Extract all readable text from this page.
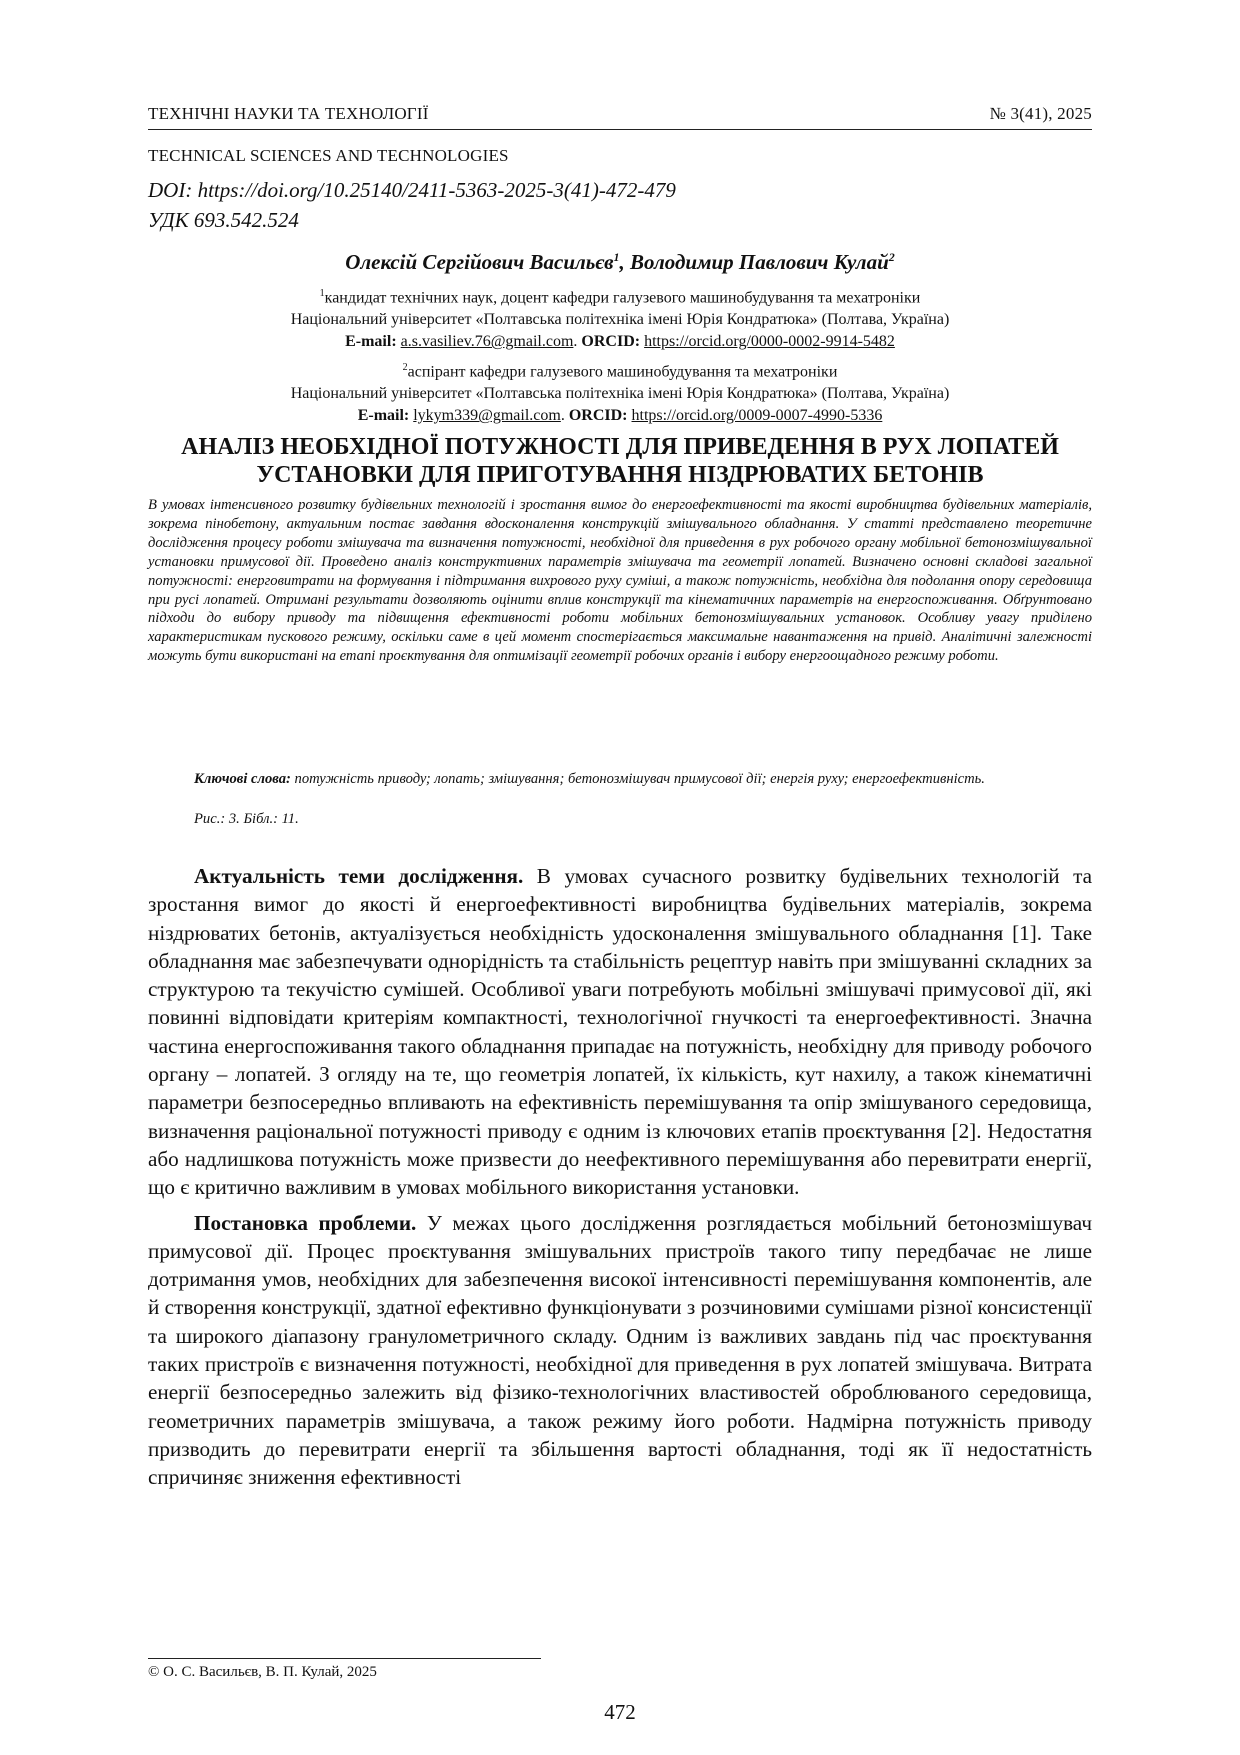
ТЕХНІЧНІ НАУКИ ТА ТЕХНОЛОГІЇ	№ 3(41), 2025
TECHNICAL SCIENCES AND TECHNOLOGIES
DOI: https://doi.org/10.25140/2411-5363-2025-3(41)-472-479
УДК 693.542.524
Олексій Сергійович Васильєв$^1$, Володимир Павлович Кулай$^2$
$^1$кандидат технічних наук, доцент кафедри галузевого машинобудування та мехатроніки
Національний університет «Полтавська політехніка імені Юрія Кондратюка» (Полтава, Україна)
E-mail: a.s.vasiliev.76@gmail.com. ORCID: https://orcid.org/0000-0002-9914-5482
$^2$аспірант кафедри галузевого машинобудування та мехатроніки
Національний університет «Полтавська політехніка імені Юрія Кондратюка» (Полтава, Україна)
E-mail: lykym339@gmail.com. ORCID: https://orcid.org/0009-0007-4990-5336
АНАЛІЗ НЕОБХІДНОЇ ПОТУЖНОСТІ ДЛЯ ПРИВЕДЕННЯ В РУХ ЛОПАТЕЙ
УСТАНОВКИ ДЛЯ ПРИГОТУВАННЯ НІЗДРЮВАТИХ БЕТОНІВ
В умовах інтенсивного розвитку будівельних технологій і зростання вимог до енергоефективності та якості виробництва будівельних матеріалів, зокрема пінобетону, актуальним постає завдання вдосконалення конструкцій змішувального обладнання. У статті представлено теоретичне дослідження процесу роботи змішувача та визначення потужності, необхідної для приведення в рух робочого органу мобільної бетонозмішувальної установки примусової дії. Проведено аналіз конструктивних параметрів змішувача та геометрії лопатей. Визначено основні складові загальної потужності: енерговитрати на формування і підтримання вихрового руху суміші, а також потужність, необхідна для подолання опору середовища при русі лопатей. Отримані результати дозволяють оцінити вплив конструкції та кінематичних параметрів на енергоспоживання. Обґрунтовано підходи до вибору приводу та підвищення ефективності роботи мобільних бетонозмішувальних установок. Особливу увагу приділено характеристикам пускового режиму, оскільки саме в цей момент спостерігається максимальне навантаження на привід. Аналітичні залежності можуть бути використані на етапі проєктування для оптимізації геометрії робочих органів і вибору енергоощадного режиму роботи.
Ключові слова: потужність приводу; лопать; змішування; бетонозмішувач примусової дії; енергія руху; енергоефективність.
Рис.: 3. Бібл.: 11.

Актуальність теми дослідження. В умовах сучасного розвитку будівельних технологій та зростання вимог до якості й енергоефективності виробництва будівельних матеріалів, зокрема ніздрюватих бетонів, актуалізується необхідність удосконалення змішувального обладнання [1]. Таке обладнання має забезпечувати однорідність та стабільність рецептур навіть при змішуванні складних за структурою та текучістю сумішей. Особливої уваги потребують мобільні змішувачі примусової дії, які повинні відповідати критеріям компактності, технологічної гнучкості та енергоефективності. Значна частина енергоспоживання такого обладнання припадає на потужність, необхідну для приводу робочого органу – лопатей. З огляду на те, що геометрія лопатей, їх кількість, кут нахилу, а також кінематичні параметри безпосередньо впливають на ефективність перемішування та опір змішуваного середовища, визначення раціональної потужності приводу є одним із ключових етапів проєктування [2]. Недостатня або надлишкова потужність може призвести до неефективного перемішування або перевитрати енергії, що є критично важливим в умовах мобільного використання установки.

Постановка проблеми. У межах цього дослідження розглядається мобільний бетонозмішувач примусової дії. Процес проєктування змішувальних пристроїв такого типу передбачає не лише дотримання умов, необхідних для забезпечення високої інтенсивності перемішування компонентів, але й створення конструкції, здатної ефективно функціонувати з розчиновими сумішами різної консистенції та широкого діапазону гранулометричного складу. Одним із важливих завдань під час проєктування таких пристроїв є визначення потужності, необхідної для приведення в рух лопатей змішувача. Витрата енергії безпосередньо залежить від фізико-технологічних властивостей оброблюваного середовища, геометричних параметрів змішувача, а також режиму його роботи. Надмірна потужність приводу призводить до перевитрати енергії та збільшення вартості обладнання, тоді як її недостатність спричиняє зниження ефективності

© О. С. Васильєв, В. П. Кулай, 2025
472
